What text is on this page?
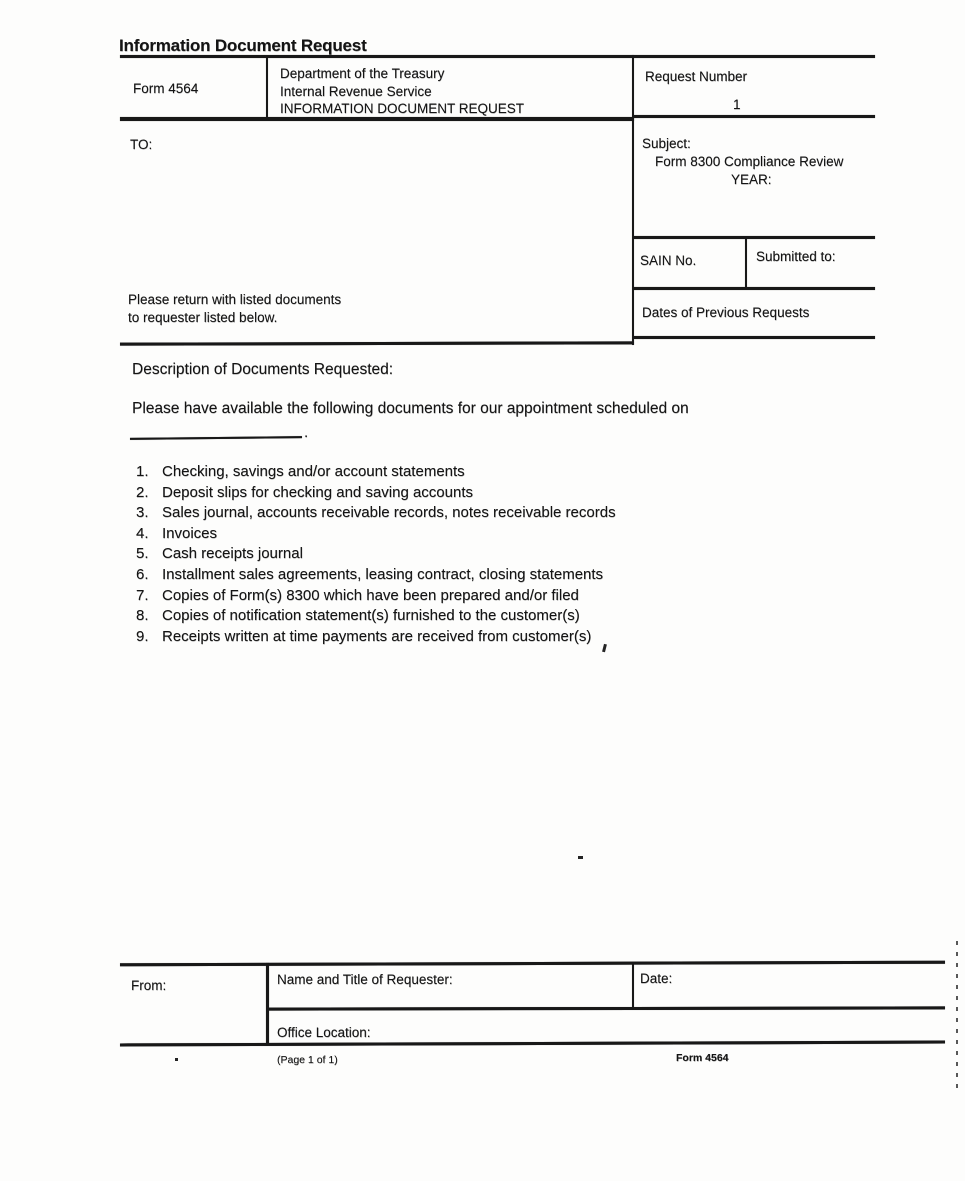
Information Document Request
Form 4564
Department of the Treasury
Internal Revenue Service
INFORMATION DOCUMENT REQUEST
Request Number
1
TO:
Please return with listed documents
to requester listed below.
Subject:
Form 8300 Compliance Review
YEAR:
SAIN No.	Submitted to:
Dates of Previous Requests
Description of Documents Requested:
Please have available the following documents for our appointment scheduled on
.
1. Checking, savings and/or account statements
2. Deposit slips for checking and saving accounts
3. Sales journal, accounts receivable records, notes receivable records
4. Invoices
5. Cash receipts journal
6. Installment sales agreements, leasing contract, closing statements
7. Copies of Form(s) 8300 which have been prepared and/or filed
8. Copies of notification statement(s) furnished to the customer(s)
9. Receipts written at time payments are received from customer(s)
From:	Name and Title of Requester:	Date:
Office Location:
(Page 1 of 1)	Form 4564
